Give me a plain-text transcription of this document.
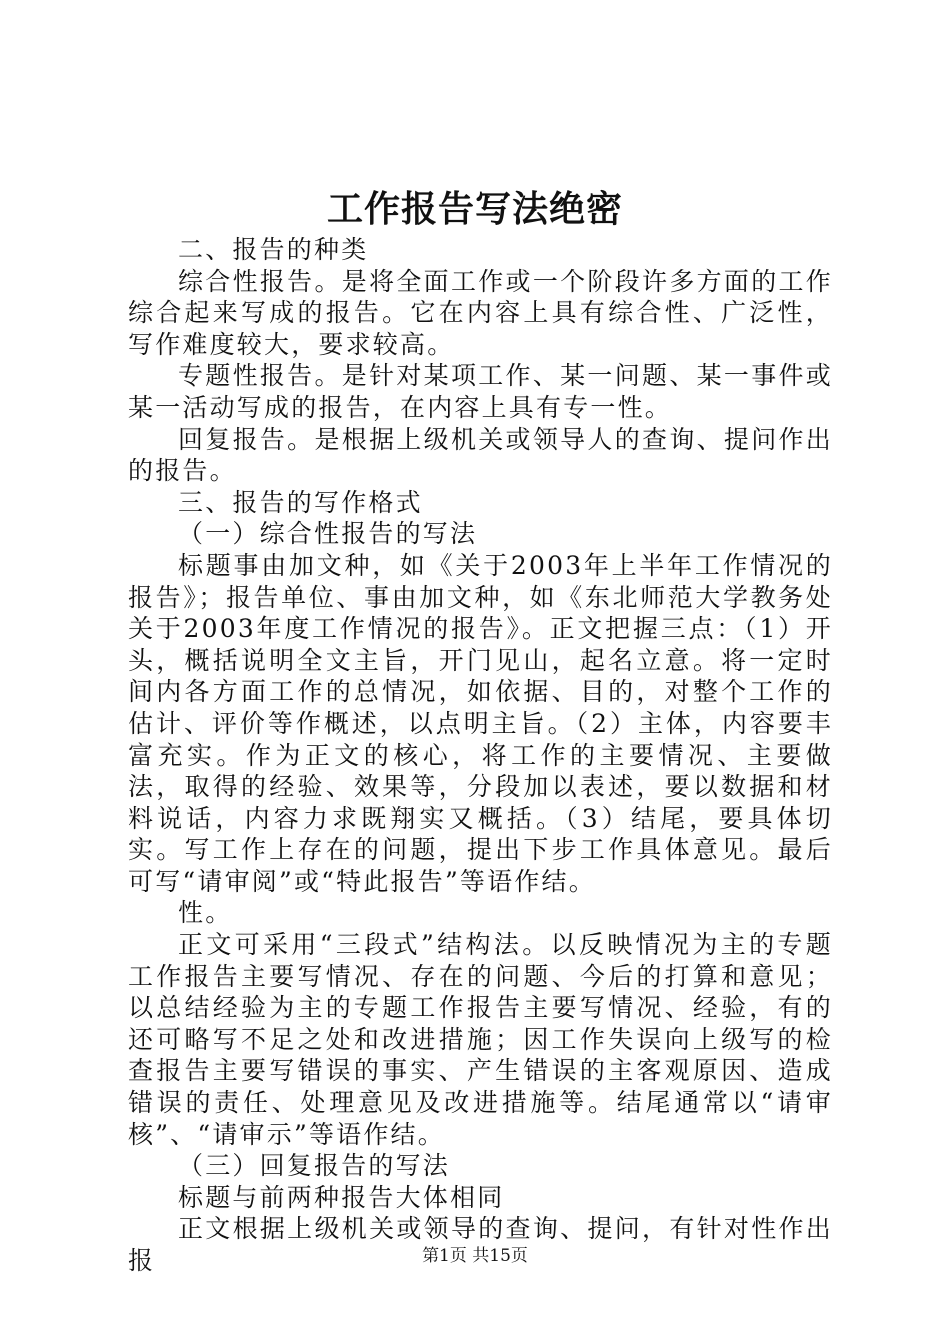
工作报告写法绝密

二、报告的种类

综合性报告。是将全面工作或一个阶段许多方面的工作综合起来写成的报告。它在内容上具有综合性、广泛性，写作难度较大，要求较高。

专题性报告。是针对某项工作、某一问题、某一事件或某一活动写成的报告，在内容上具有专一性。

回复报告。是根据上级机关或领导人的查询、提问作出的报告。

三、报告的写作格式

（一）综合性报告的写法

标题事由加文种，如《关于2003年上半年工作情况的报告》；报告单位、事由加文种，如《东北师范大学教务处关于2003年度工作情况的报告》。正文把握三点：（1）开头，概括说明全文主旨，开门见山，起名立意。将一定时间内各方面工作的总情况，如依据、目的，对整个工作的估计、评价等作概述，以点明主旨。（2）主体，内容要丰富充实。作为正文的核心，将工作的主要情况、主要做法，取得的经验、效果等，分段加以表述，要以数据和材料说话，内容力求既翔实又概括。（3）结尾，要具体切实。写工作上存在的问题，提出下步工作具体意见。最后可写“请审阅”或“特此报告”等语作结。

性。

正文可采用“三段式”结构法。以反映情况为主的专题工作报告主要写情况、存在的问题、今后的打算和意见；以总结经验为主的专题工作报告主要写情况、经验，有的还可略写不足之处和改进措施；因工作失误向上级写的检查报告主要写错误的事实、产生错误的主客观原因、造成错误的责任、处理意见及改进措施等。结尾通常以“请审核”、“请审示”等语作结。

（三）回复报告的写法

标题与前两种报告大体相同

正文根据上级机关或领导的查询、提问，有针对性作出报	第1页 共15页
